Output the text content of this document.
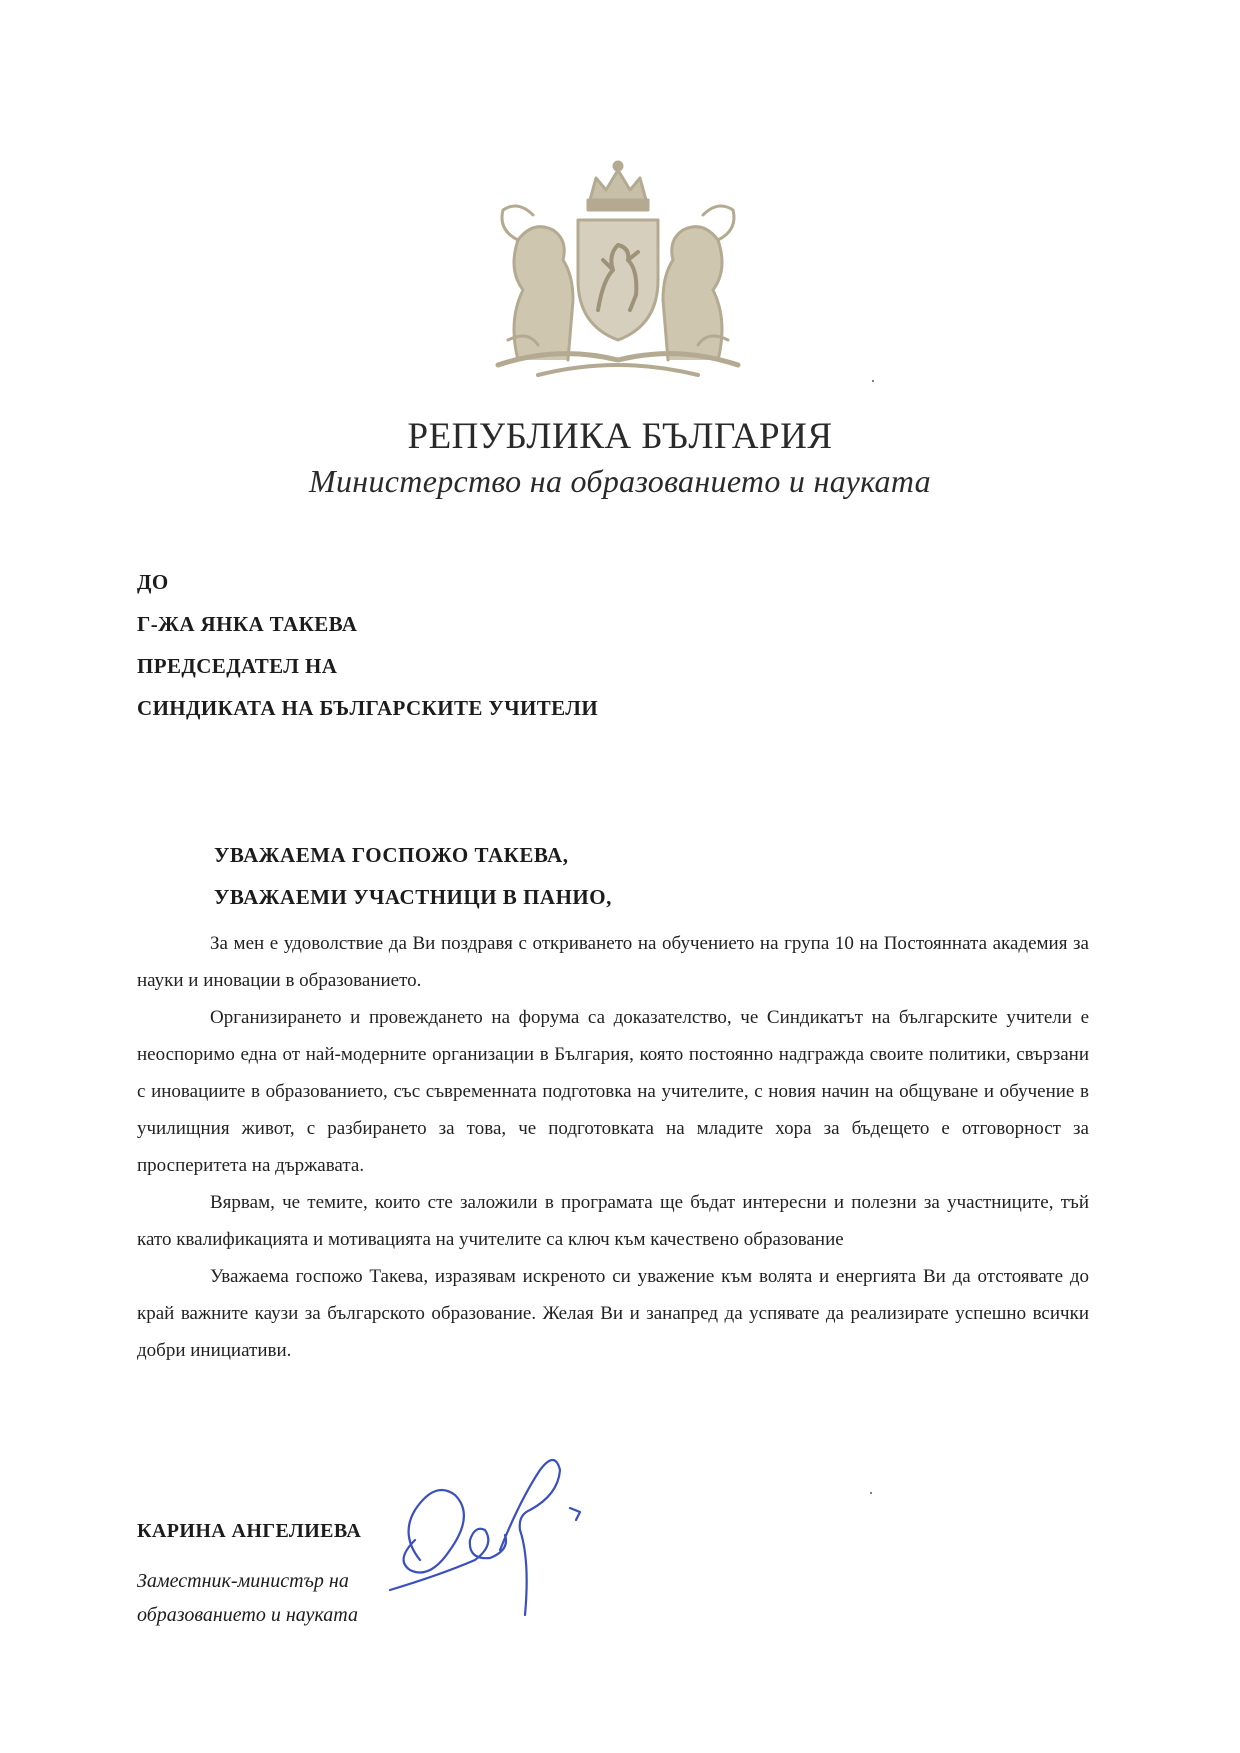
РЕПУБЛИКА БЪЛГАРИЯ
Министерство на образованието и науката
ДО
Г-ЖА ЯНКА ТАКЕВА
ПРЕДСЕДАТЕЛ НА
СИНДИКАТА НА БЪЛГАРСКИТЕ УЧИТЕЛИ
УВАЖАЕМА ГОСПОЖО ТАКЕВА,
УВАЖАЕМИ УЧАСТНИЦИ В ПАНИО,

За мен е удоволствие да Ви поздравя с откриването на обучението на група 10 на Постоянната академия за науки и иновации в образованието.

Организирането и провеждането на форума са доказателство, че Синдикатът на българските учители е неоспоримо една от най-модерните организации в България, която постоянно надгражда своите политики, свързани с иновациите в образованието, със съвременната подготовка на учителите, с новия начин на общуване и обучение в училищния живот, с разбирането за това, че подготовката на младите хора за бъдещето е отговорност за просперитета на държавата.

Вярвам, че темите, които сте заложили в програмата ще бъдат интересни и полезни за участниците, тъй като квалификацията и мотивацията на учителите са ключ към качествено образование

Уважаема госпожо Такева, изразявам искреното си уважение към волята и енергията Ви да отстоявате до край важните каузи за българското образование. Желая Ви и занапред да успявате да реализирате успешно всички добри инициативи.

КАРИНА АНГЕЛИЕВА
Заместник-министър на
образованието и науката
